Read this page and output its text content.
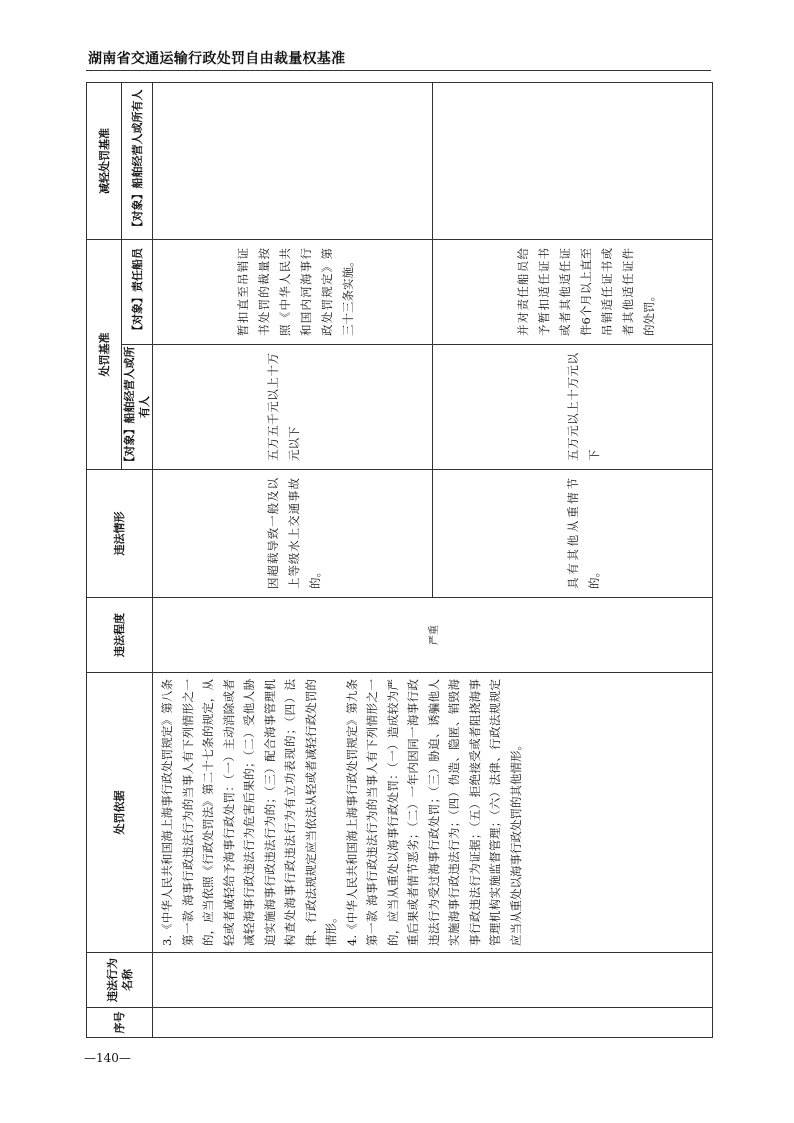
湖南省交通运输行政处罚自由裁量权基准
序号	违法行为名称	处罚依据	违法程度	违法情形	处罚基准		减轻处罚基准
					【对象】船舶经营人或所有人	【对象】责任船员	【对象】船舶经营人或所有人

		3.《中华人民共和国海上海事行政处罚规定》第八条第一款 海事行政违法行为的当事人有下列情形之一的，应当依照《行政处罚法》第二十七条的规定，从轻或者减轻给予海事行政处罚：（一）主动消除或者减轻海事行政违法行为危害后果的；（二）受他人胁迫实施海事行政违法行为的；（三）配合海事管理机构查处海事行政违法行为有立功表现的；（四）法律、行政法规规定应当依法从轻或者减轻行政处罚的情形。 4.《中华人民共和国海上海事行政处罚规定》第九条第一款 海事行政违法行为的当事人有下列情形之一的，应当从重处以海事行政处罚：（一）造成较为严重后果或者情节恶劣；（二）一年内因同一海事行政违法行为受过海事行政处罚；（三）胁迫、诱骗他人实施海事行政违法行为；（四）伪造、隐匿、销毁海事行政违法行为证据；（五）拒绝接受或者阻挠海事管理机构实施监督管理；（六）法律、行政法规规定应当从重处以海事行政处罚的其他情形。	严重	因超载导致一般及以上等级水上交通事故的。	五万五千元以上十万元以下	暂扣直至吊销证书处罚的裁量按照《中华人民共和国内河海事行政处罚规定》第三十三条实施。	
				具有其他从重情节的。	五万元以上十万元以下	并对责任船员给予暂扣适任证书或者其他适任证件6个月以上直至吊销适任证书或者其他适任证件的处罚。	
—140—
